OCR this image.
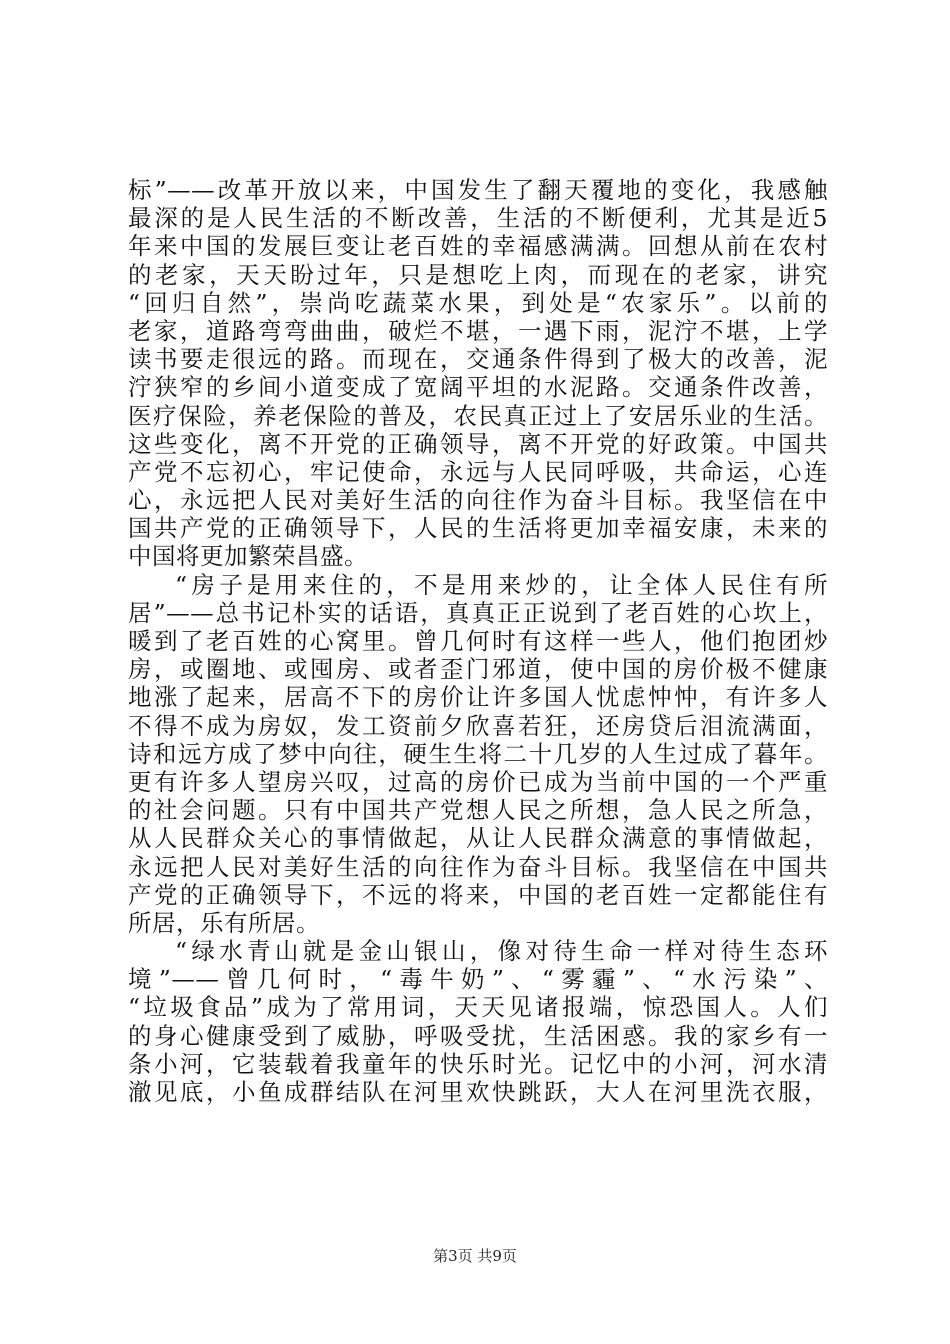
标”——改革开放以来，中国发生了翻天覆地的变化，我感触
最深的是人民生活的不断改善，生活的不断便利，尤其是近5
年来中国的发展巨变让老百姓的幸福感满满。回想从前在农村
的老家，天天盼过年，只是想吃上肉，而现在的老家，讲究
“回归自然”，崇尚吃蔬菜水果，到处是“农家乐”。以前的
老家，道路弯弯曲曲，破烂不堪，一遇下雨，泥泞不堪，上学
读书要走很远的路。而现在，交通条件得到了极大的改善，泥
泞狭窄的乡间小道变成了宽阔平坦的水泥路。交通条件改善，
医疗保险，养老保险的普及，农民真正过上了安居乐业的生活。
这些变化，离不开党的正确领导，离不开党的好政策。中国共
产党不忘初心，牢记使命，永远与人民同呼吸，共命运，心连
心，永远把人民对美好生活的向往作为奋斗目标。我坚信在中
国共产党的正确领导下，人民的生活将更加幸福安康，未来的
中国将更加繁荣昌盛。
“房子是用来住的，不是用来炒的，让全体人民住有所
居”——总书记朴实的话语，真真正正说到了老百姓的心坎上，
暖到了老百姓的心窝里。曾几何时有这样一些人，他们抱团炒
房，或圈地、或囤房、或者歪门邪道，使中国的房价极不健康
地涨了起来，居高不下的房价让许多国人忧虑忡忡，有许多人
不得不成为房奴，发工资前夕欣喜若狂，还房贷后泪流满面，
诗和远方成了梦中向往，硬生生将二十几岁的人生过成了暮年。
更有许多人望房兴叹，过高的房价已成为当前中国的一个严重
的社会问题。只有中国共产党想人民之所想，急人民之所急，
从人民群众关心的事情做起，从让人民群众满意的事情做起，
永远把人民对美好生活的向往作为奋斗目标。我坚信在中国共
产党的正确领导下，不远的将来，中国的老百姓一定都能住有
所居，乐有所居。
“绿水青山就是金山银山，像对待生命一样对待生态环
境”——曾几何时，“毒牛奶”、“雾霾”、“水污染”、
“垃圾食品”成为了常用词，天天见诸报端，惊恐国人。人们
的身心健康受到了威胁，呼吸受扰，生活困惑。我的家乡有一
条小河，它装载着我童年的快乐时光。记忆中的小河，河水清
澈见底，小鱼成群结队在河里欢快跳跃，大人在河里洗衣服，
第3页 共9页
